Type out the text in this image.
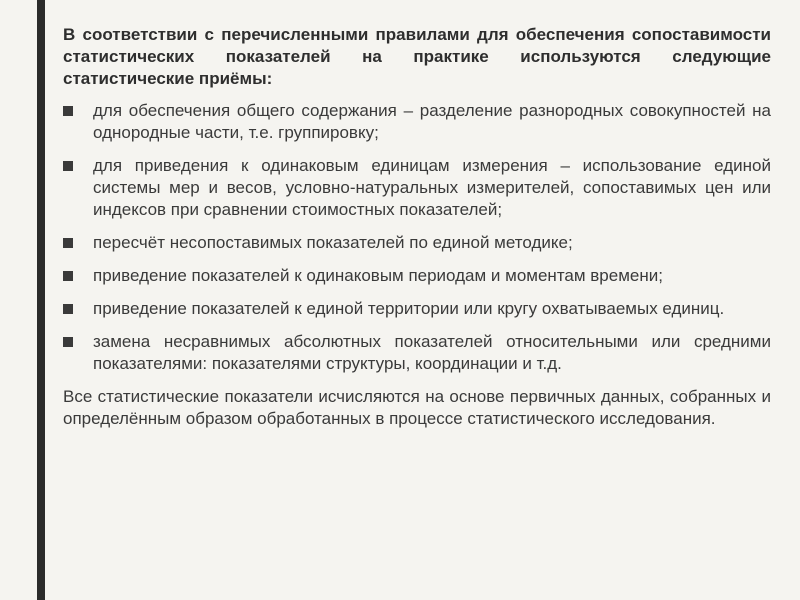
В соответствии с перечисленными правилами для обеспечения сопоставимости статистических показателей на практике используются следующие статистические приёмы:

для обеспечения общего содержания – разделение разнородных совокупностей на однородные части, т.е. группировку;
для приведения к одинаковым единицам измерения – использование единой системы мер и весов, условно-натуральных измерителей, сопоставимых цен или индексов при сравнении стоимостных показателей;
пересчёт несопоставимых показателей по единой методике;
приведение показателей к одинаковым периодам и моментам времени;
приведение показателей к единой территории или кругу охватываемых единиц.
замена несравнимых абсолютных показателей относительными или средними показателями: показателями структуры, координации и т.д.

Все статистические показатели исчисляются на основе первичных данных, собранных и определённым образом обработанных в процессе статистического исследования.
